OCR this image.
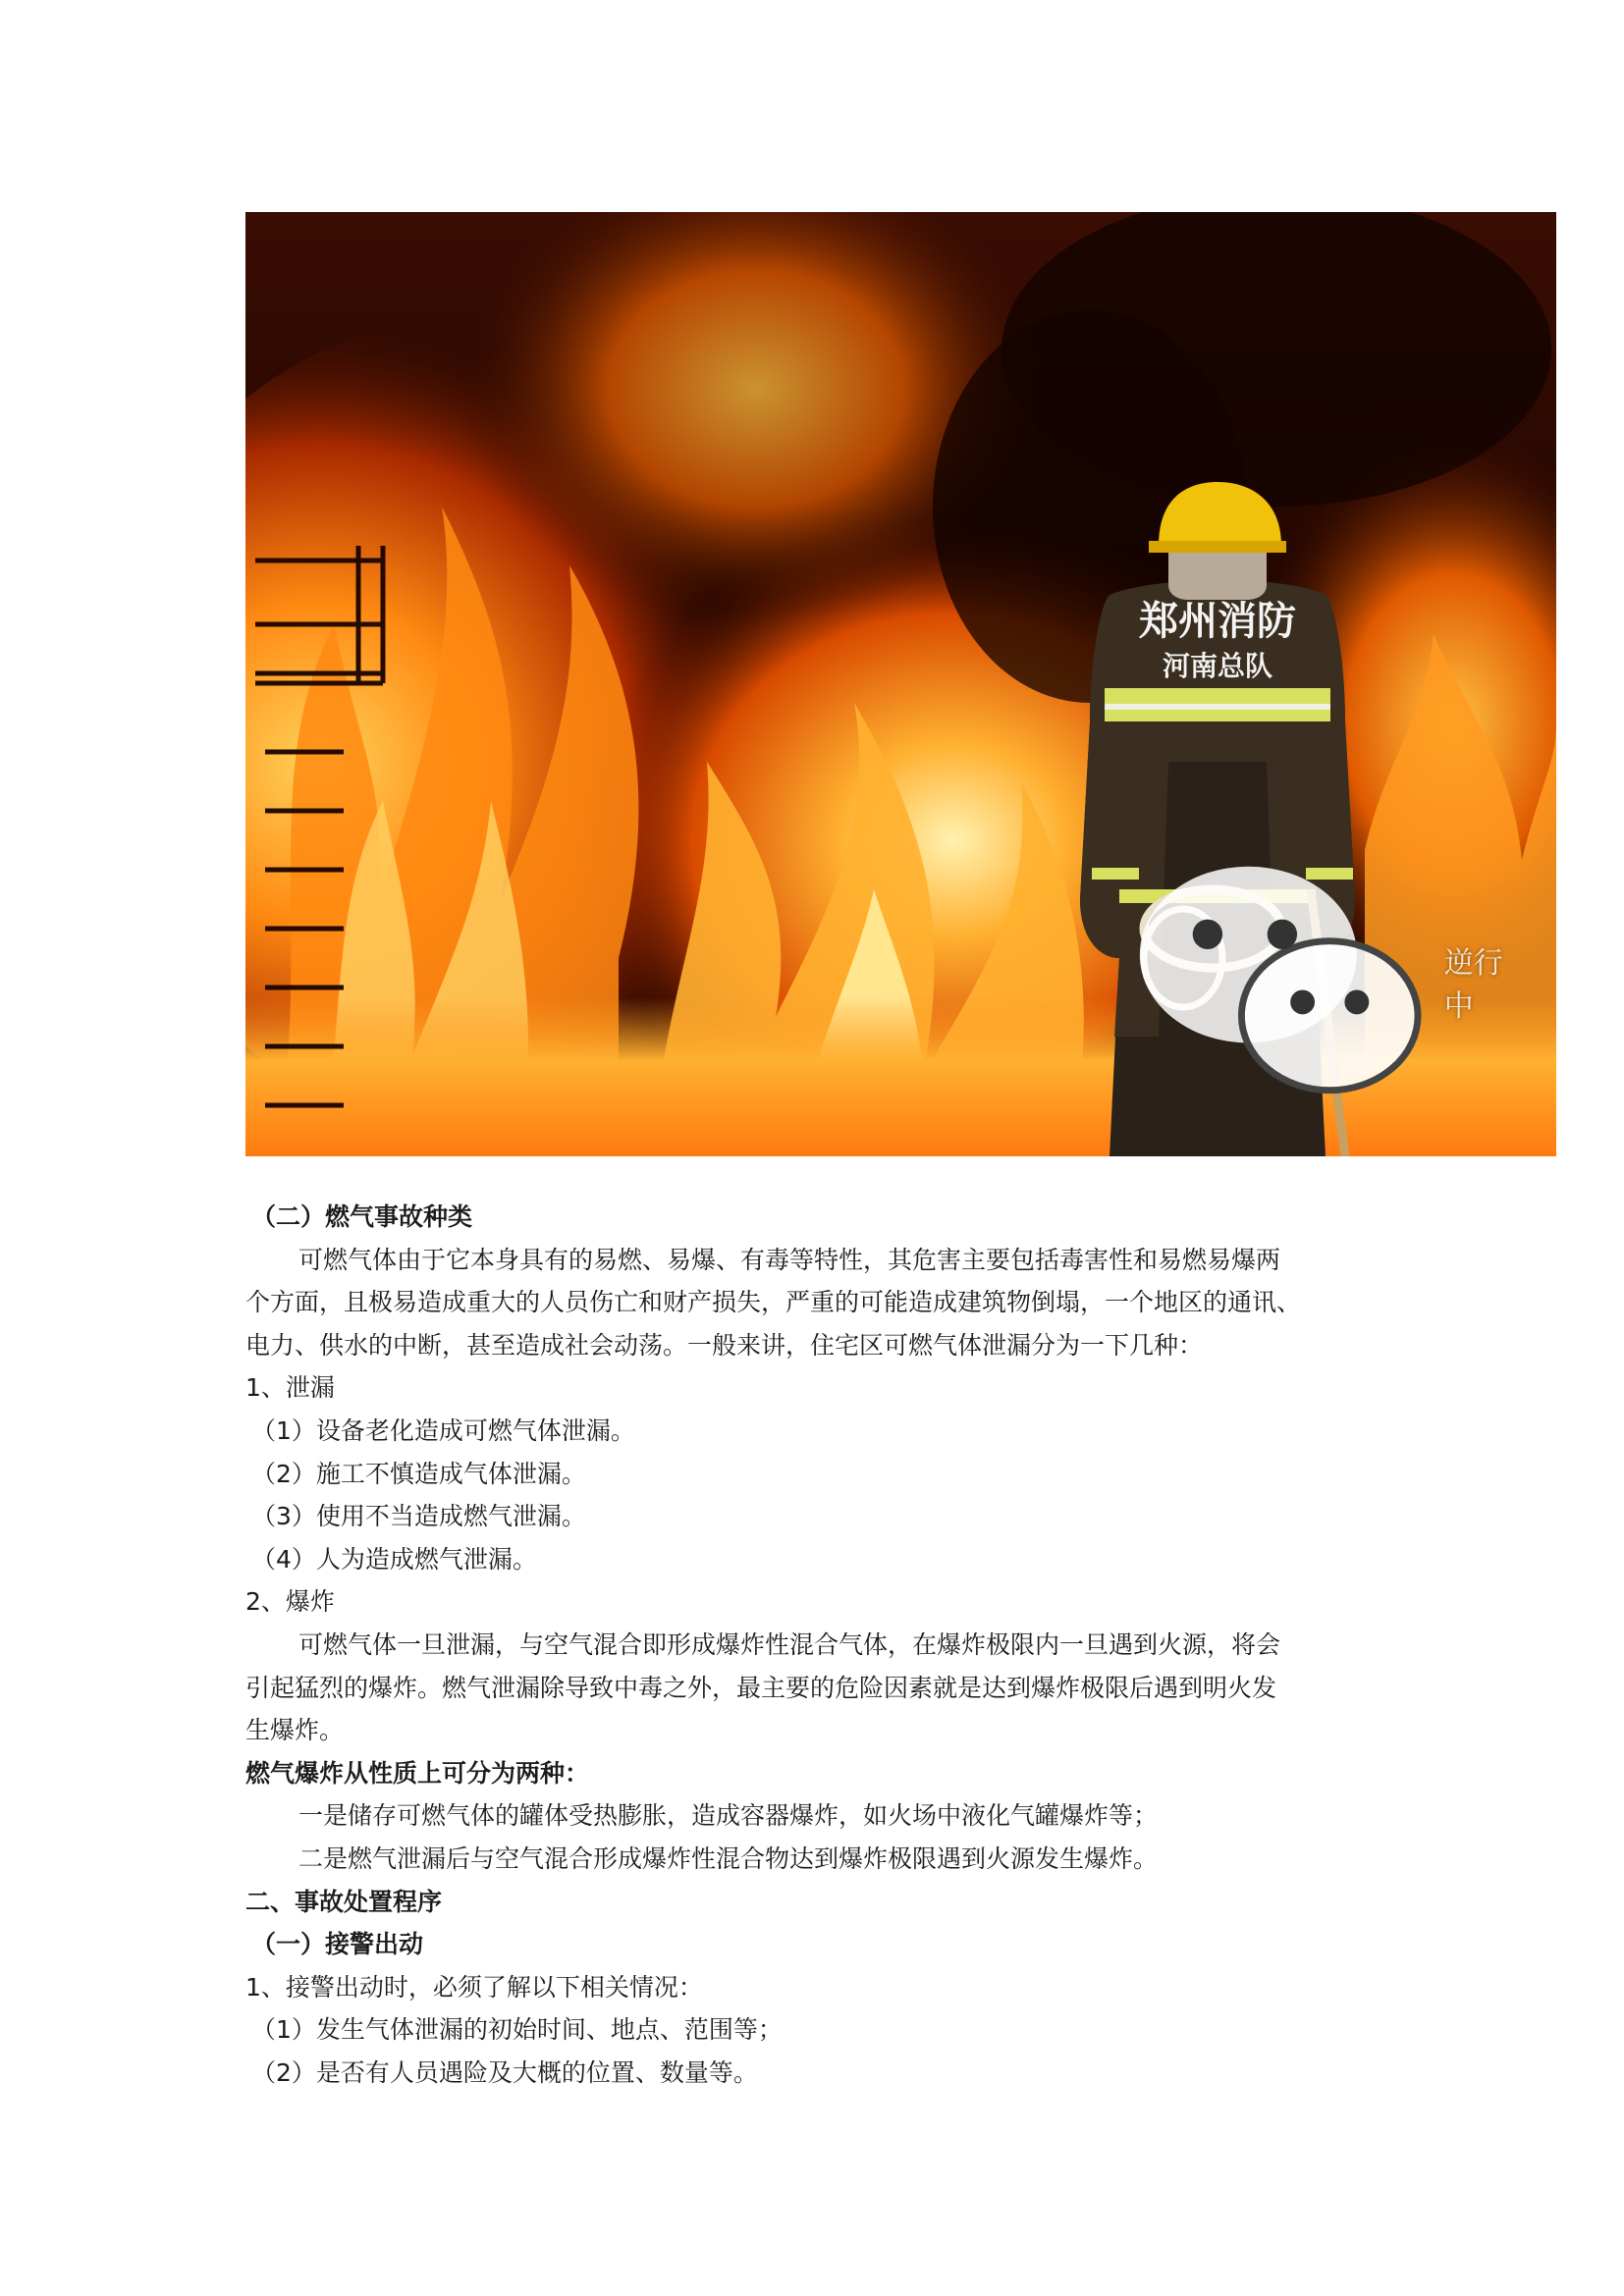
郑州消防
河南总队
逆行中

（二）燃气事故种类

可燃气体由于它本身具有的易燃、易爆、有毒等特性，其危害主要包括毒害性和易燃易爆两

个方面，且极易造成重大的人员伤亡和财产损失，严重的可能造成建筑物倒塌，一个地区的通讯、

电力、供水的中断，甚至造成社会动荡。一般来讲，住宅区可燃气体泄漏分为一下几种：

1、泄漏

（1）设备老化造成可燃气体泄漏。

（2）施工不慎造成气体泄漏。

（3）使用不当造成燃气泄漏。

（4）人为造成燃气泄漏。

2、爆炸

可燃气体一旦泄漏，与空气混合即形成爆炸性混合气体，在爆炸极限内一旦遇到火源，将会

引起猛烈的爆炸。燃气泄漏除导致中毒之外，最主要的危险因素就是达到爆炸极限后遇到明火发

生爆炸。

燃气爆炸从性质上可分为两种：

一是储存可燃气体的罐体受热膨胀，造成容器爆炸，如火场中液化气罐爆炸等；

二是燃气泄漏后与空气混合形成爆炸性混合物达到爆炸极限遇到火源发生爆炸。

二、事故处置程序

（一）接警出动

1、接警出动时，必须了解以下相关情况：

（1）发生气体泄漏的初始时间、地点、范围等；

（2）是否有人员遇险及大概的位置、数量等。
